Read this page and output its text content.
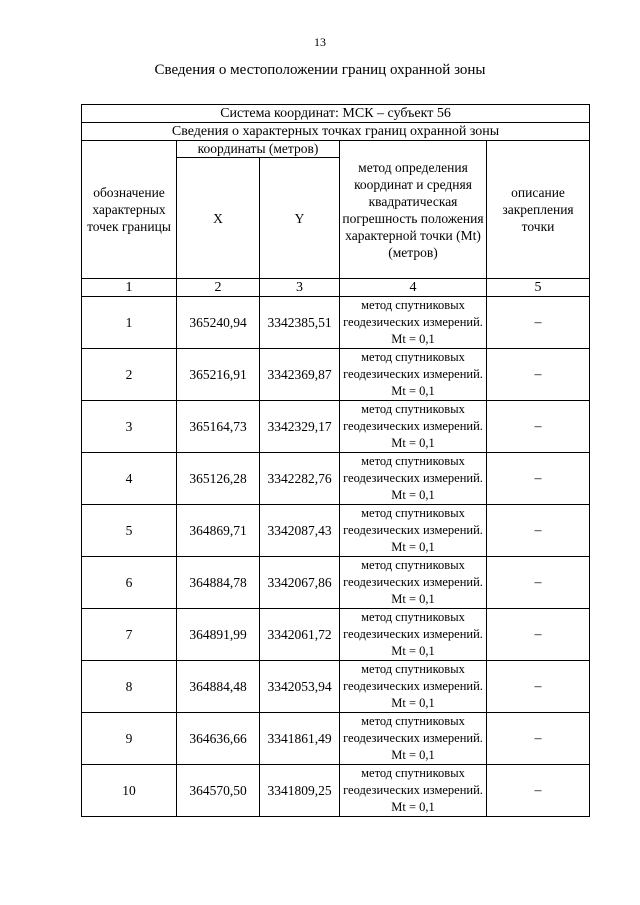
13
Сведения о местоположении границ охранной зоны
Система координат: МСК – субъект 56				
Сведения о характерных точках границ охранной зоны				
обозначение характерных точек границы	координаты (метров)		метод определения координат и средняя квадратическая погрешность положения характерной точки (Mt) (метров)	описание закрепления точки
	X	Y		
1	2	3	4	5
1	365240,94	3342385,51	метод спутниковых геодезических измерений. Mt = 0,1	–
2	365216,91	3342369,87	метод спутниковых геодезических измерений. Mt = 0,1	–
3	365164,73	3342329,17	метод спутниковых геодезических измерений. Mt = 0,1	–
4	365126,28	3342282,76	метод спутниковых геодезических измерений. Mt = 0,1	–
5	364869,71	3342087,43	метод спутниковых геодезических измерений. Mt = 0,1	–
6	364884,78	3342067,86	метод спутниковых геодезических измерений. Mt = 0,1	–
7	364891,99	3342061,72	метод спутниковых геодезических измерений. Mt = 0,1	–
8	364884,48	3342053,94	метод спутниковых геодезических измерений. Mt = 0,1	–
9	364636,66	3341861,49	метод спутниковых геодезических измерений. Mt = 0,1	–
10	364570,50	3341809,25	метод спутниковых геодезических измерений. Mt = 0,1	–
